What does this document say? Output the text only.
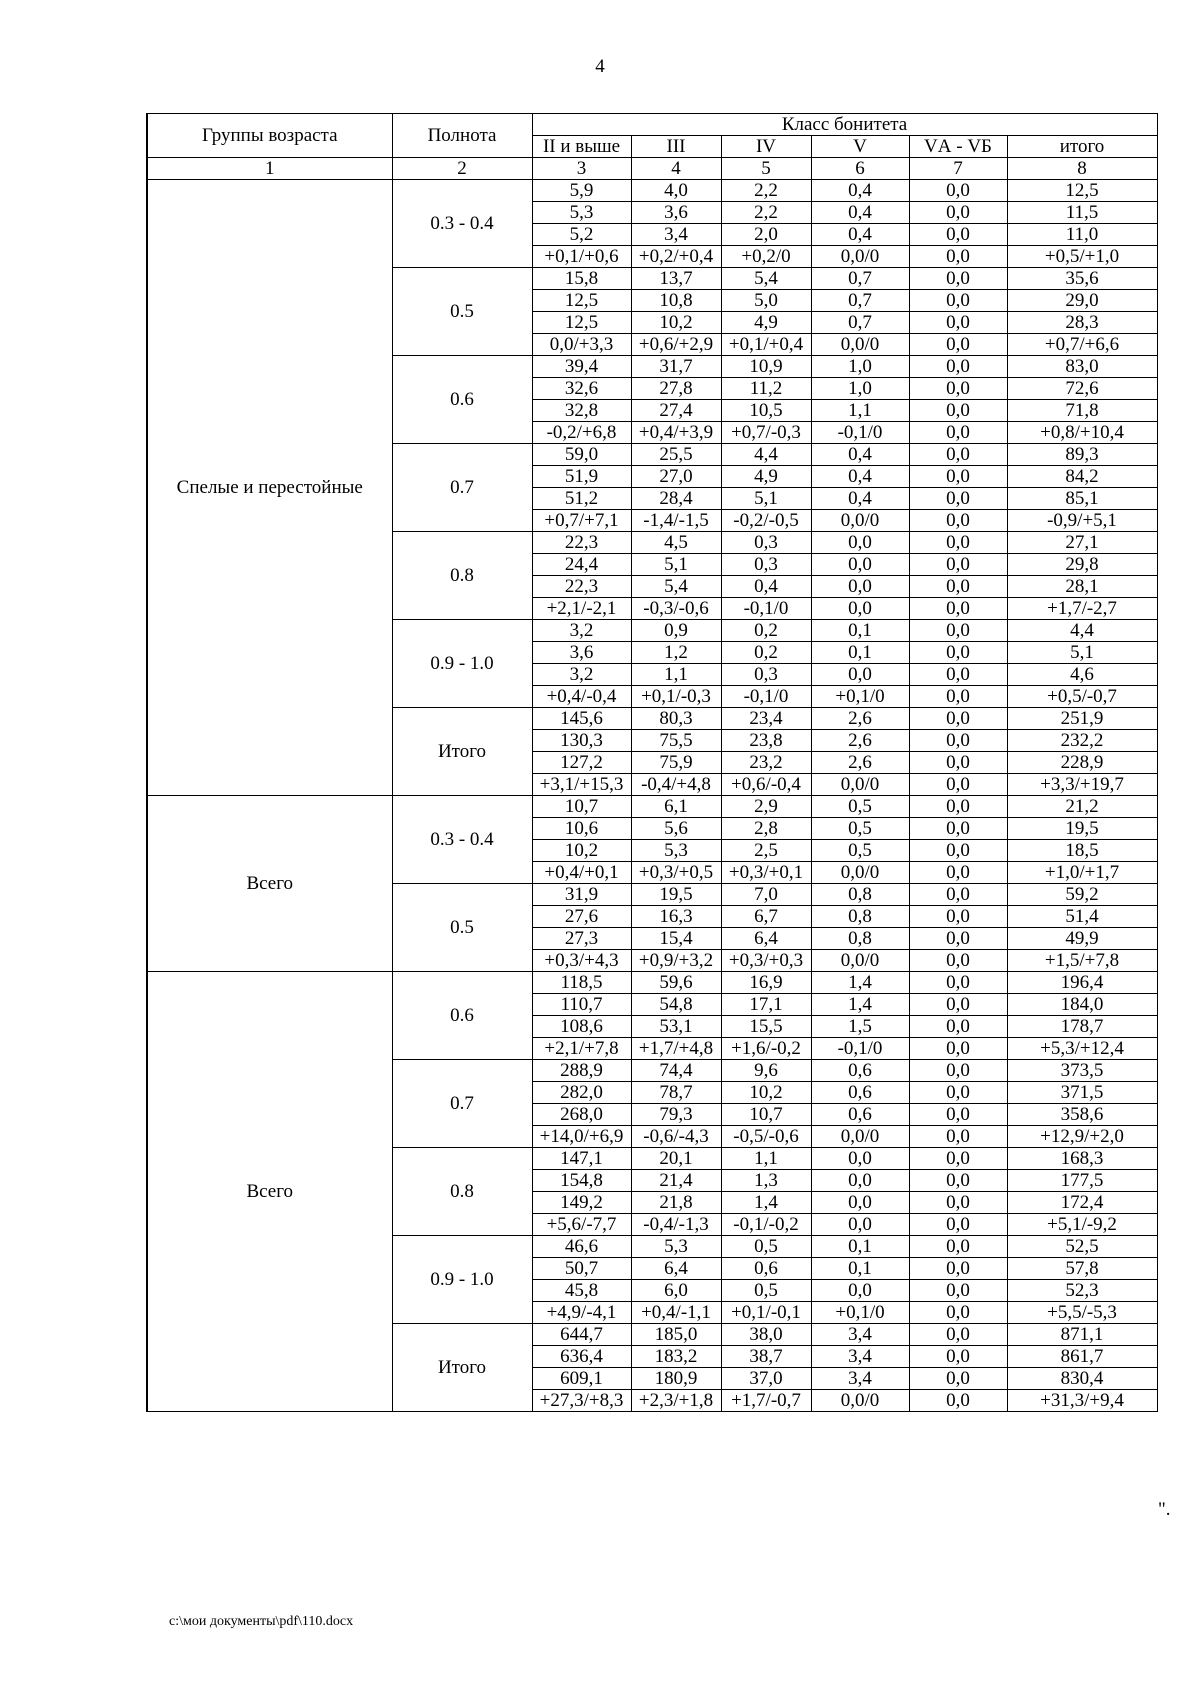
4
Группы возраста	Полнота	Класс бонитета					
		II и выше	III	IV	V	VА - VБ	итого
1	2	3	4	5	6	7	8
Спелые и перестойные	0.3 - 0.4	5,9	4,0	2,2	0,4	0,0	12,5
		5,3	3,6	2,2	0,4	0,0	11,5
		5,2	3,4	2,0	0,4	0,0	11,0
		+0,1/+0,6	+0,2/+0,4	+0,2/0	0,0/0	0,0	+0,5/+1,0
	0.5	15,8	13,7	5,4	0,7	0,0	35,6
		12,5	10,8	5,0	0,7	0,0	29,0
		12,5	10,2	4,9	0,7	0,0	28,3
		0,0/+3,3	+0,6/+2,9	+0,1/+0,4	0,0/0	0,0	+0,7/+6,6
	0.6	39,4	31,7	10,9	1,0	0,0	83,0
		32,6	27,8	11,2	1,0	0,0	72,6
		32,8	27,4	10,5	1,1	0,0	71,8
		-0,2/+6,8	+0,4/+3,9	+0,7/-0,3	-0,1/0	0,0	+0,8/+10,4
	0.7	59,0	25,5	4,4	0,4	0,0	89,3
		51,9	27,0	4,9	0,4	0,0	84,2
		51,2	28,4	5,1	0,4	0,0	85,1
		+0,7/+7,1	-1,4/-1,5	-0,2/-0,5	0,0/0	0,0	-0,9/+5,1
	0.8	22,3	4,5	0,3	0,0	0,0	27,1
		24,4	5,1	0,3	0,0	0,0	29,8
		22,3	5,4	0,4	0,0	0,0	28,1
		+2,1/-2,1	-0,3/-0,6	-0,1/0	0,0	0,0	+1,7/-2,7
	0.9 - 1.0	3,2	0,9	0,2	0,1	0,0	4,4
		3,6	1,2	0,2	0,1	0,0	5,1
		3,2	1,1	0,3	0,0	0,0	4,6
		+0,4/-0,4	+0,1/-0,3	-0,1/0	+0,1/0	0,0	+0,5/-0,7
	Итого	145,6	80,3	23,4	2,6	0,0	251,9
		130,3	75,5	23,8	2,6	0,0	232,2
		127,2	75,9	23,2	2,6	0,0	228,9
		+3,1/+15,3	-0,4/+4,8	+0,6/-0,4	0,0/0	0,0	+3,3/+19,7
Всего	0.3 - 0.4	10,7	6,1	2,9	0,5	0,0	21,2
		10,6	5,6	2,8	0,5	0,0	19,5
		10,2	5,3	2,5	0,5	0,0	18,5
		+0,4/+0,1	+0,3/+0,5	+0,3/+0,1	0,0/0	0,0	+1,0/+1,7
	0.5	31,9	19,5	7,0	0,8	0,0	59,2
		27,6	16,3	6,7	0,8	0,0	51,4
		27,3	15,4	6,4	0,8	0,0	49,9
		+0,3/+4,3	+0,9/+3,2	+0,3/+0,3	0,0/0	0,0	+1,5/+7,8
Всего	0.6	118,5	59,6	16,9	1,4	0,0	196,4
		110,7	54,8	17,1	1,4	0,0	184,0
		108,6	53,1	15,5	1,5	0,0	178,7
		+2,1/+7,8	+1,7/+4,8	+1,6/-0,2	-0,1/0	0,0	+5,3/+12,4
	0.7	288,9	74,4	9,6	0,6	0,0	373,5
		282,0	78,7	10,2	0,6	0,0	371,5
		268,0	79,3	10,7	0,6	0,0	358,6
		+14,0/+6,9	-0,6/-4,3	-0,5/-0,6	0,0/0	0,0	+12,9/+2,0
	0.8	147,1	20,1	1,1	0,0	0,0	168,3
		154,8	21,4	1,3	0,0	0,0	177,5
		149,2	21,8	1,4	0,0	0,0	172,4
		+5,6/-7,7	-0,4/-1,3	-0,1/-0,2	0,0	0,0	+5,1/-9,2
	0.9 - 1.0	46,6	5,3	0,5	0,1	0,0	52,5
		50,7	6,4	0,6	0,1	0,0	57,8
		45,8	6,0	0,5	0,0	0,0	52,3
		+4,9/-4,1	+0,4/-1,1	+0,1/-0,1	+0,1/0	0,0	+5,5/-5,3
	Итого	644,7	185,0	38,0	3,4	0,0	871,1
		636,4	183,2	38,7	3,4	0,0	861,7
		609,1	180,9	37,0	3,4	0,0	830,4
		+27,3/+8,3	+2,3/+1,8	+1,7/-0,7	0,0/0	0,0	+31,3/+9,4
".
c:\мои документы\pdf\110.docx
